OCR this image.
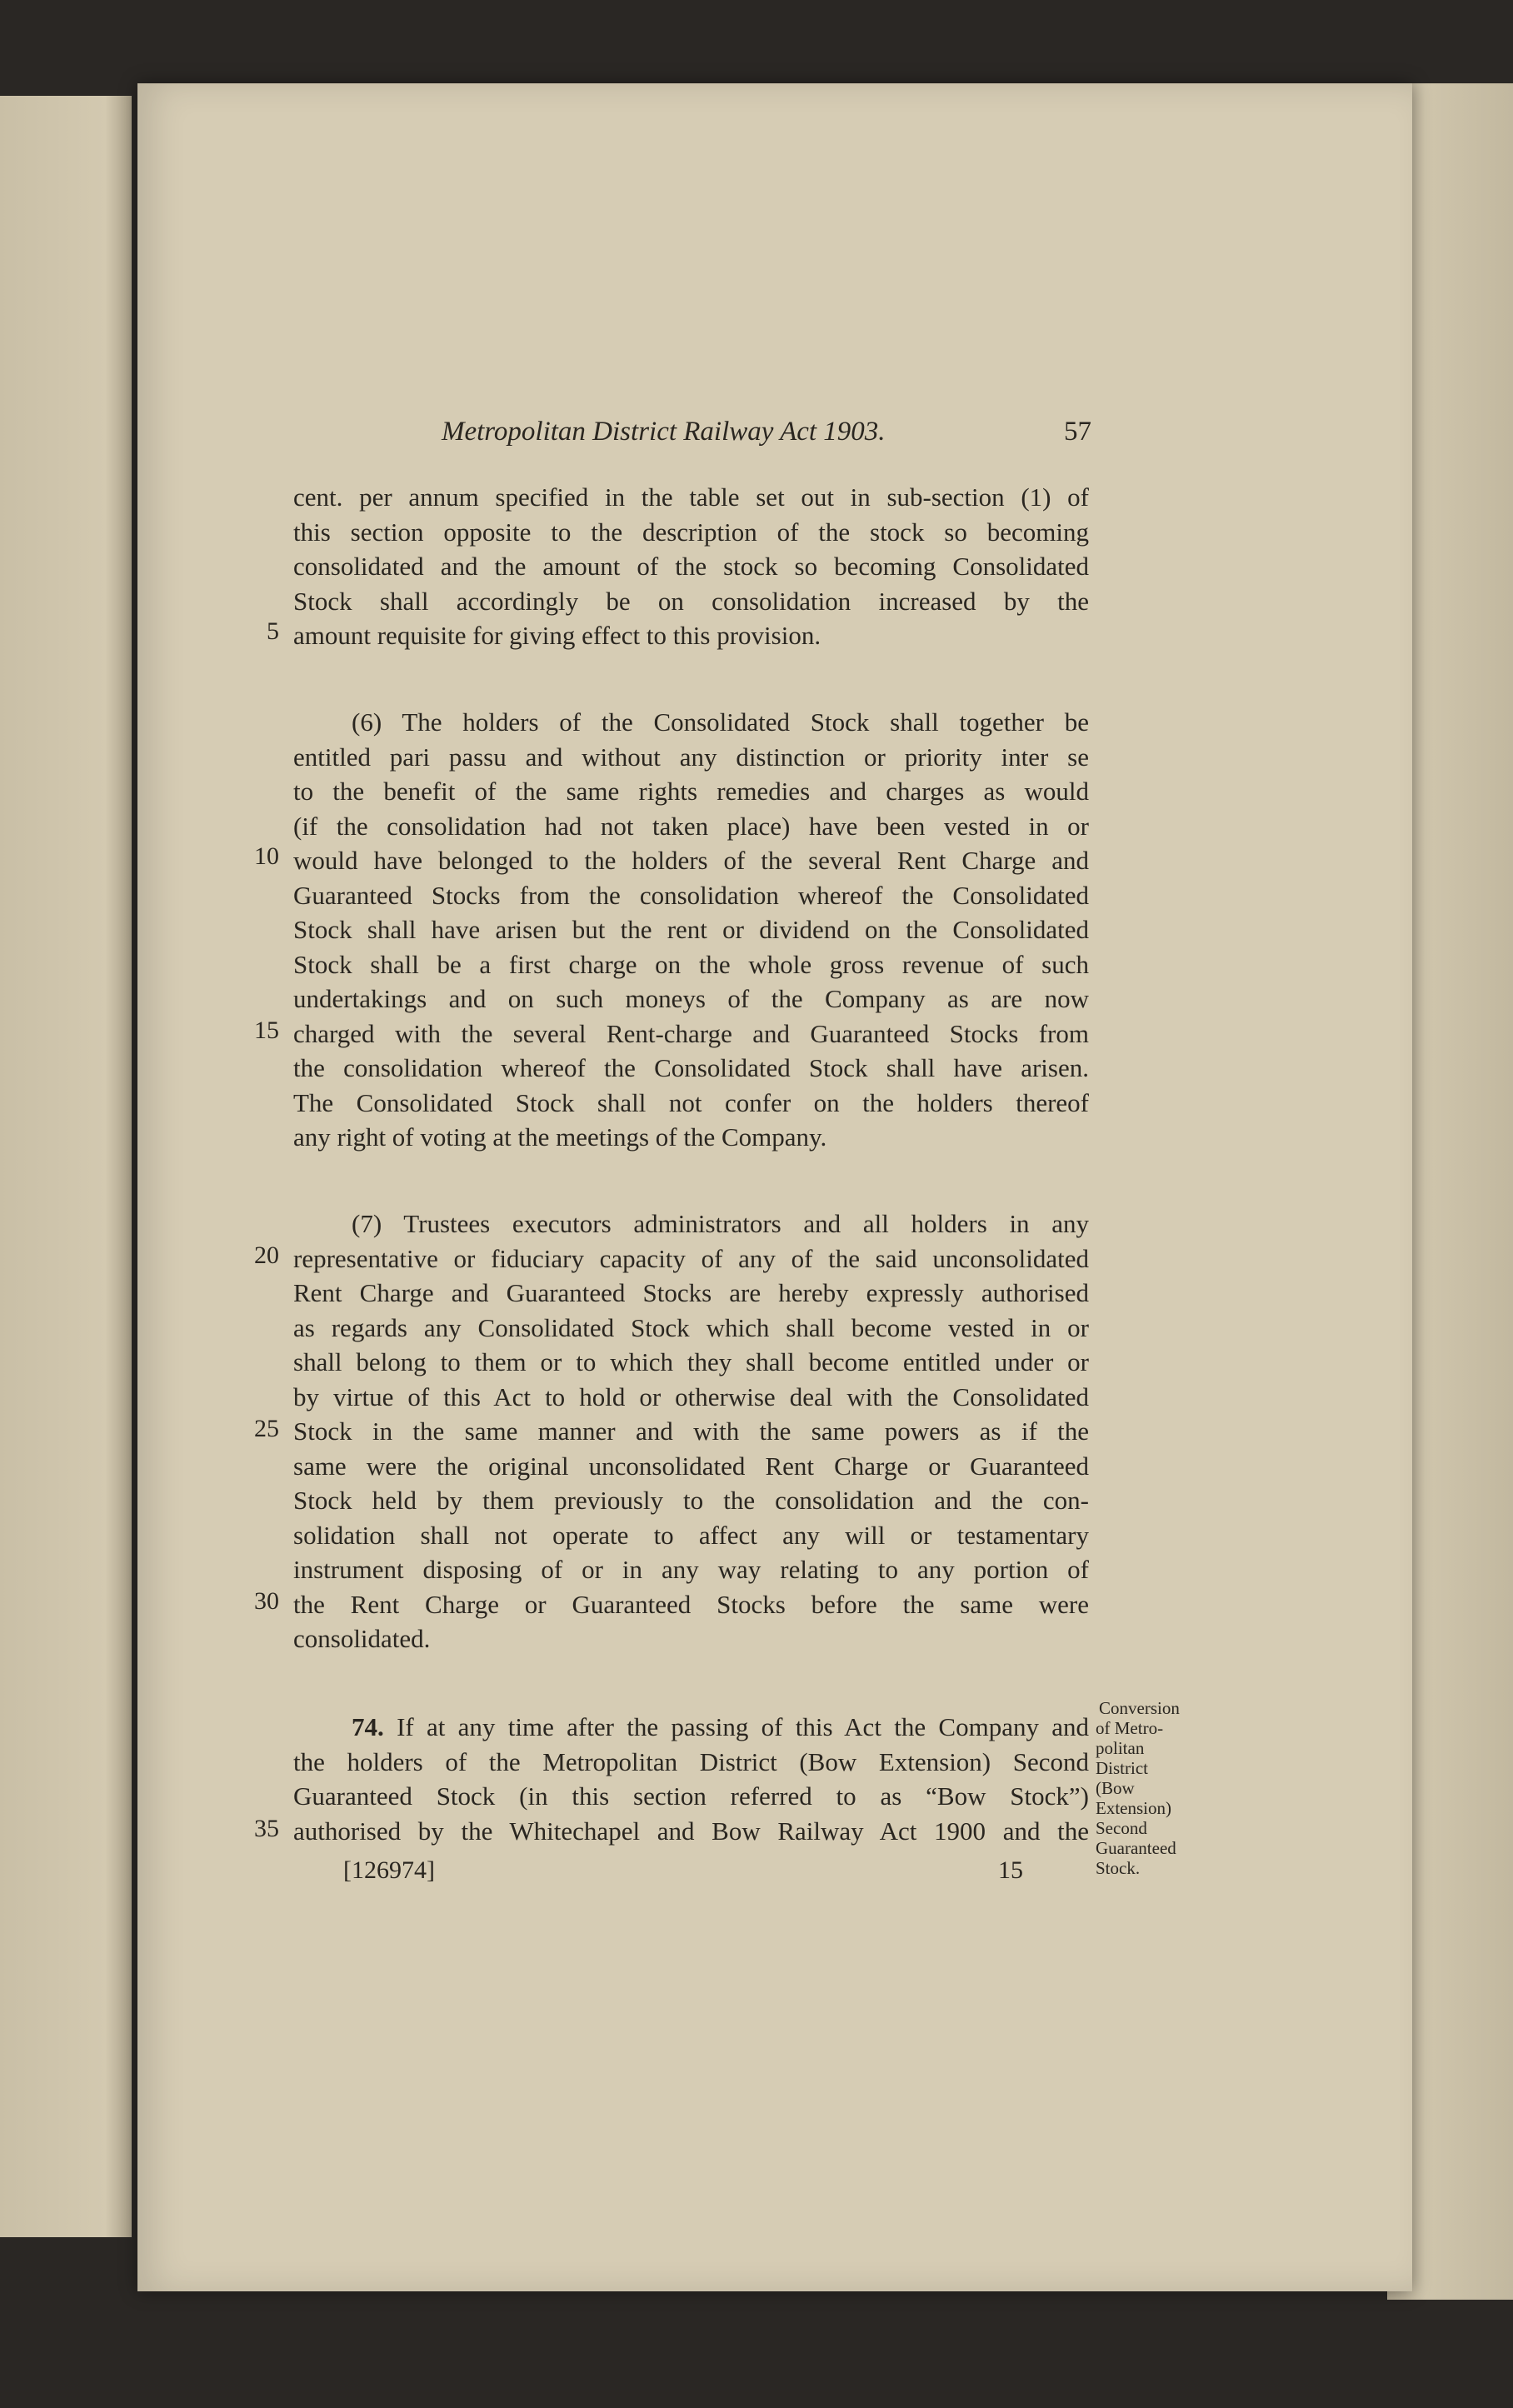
Metropolitan District Railway Act 1903.	57
cent. per annum specified in the table set out in sub-section (1) of
this section opposite to the description of the stock so becoming
consolidated and the amount of the stock so becoming Consolidated
Stock shall accordingly be on consolidation increased by the
amount requisite for giving effect to this provision.
(6) The holders of the Consolidated Stock shall together be
entitled pari passu and without any distinction or priority inter se
to the benefit of the same rights remedies and charges as would
(if the consolidation had not taken place) have been vested in or
would have belonged to the holders of the several Rent Charge and
Guaranteed Stocks from the consolidation whereof the Consolidated
Stock shall have arisen but the rent or dividend on the Consolidated
Stock shall be a first charge on the whole gross revenue of such
undertakings and on such moneys of the Company as are now
charged with the several Rent-charge and Guaranteed Stocks from
the consolidation whereof the Consolidated Stock shall have arisen.
The Consolidated Stock shall not confer on the holders thereof
any right of voting at the meetings of the Company.
(7) Trustees executors administrators and all holders in any
representative or fiduciary capacity of any of the said unconsolidated
Rent Charge and Guaranteed Stocks are hereby expressly authorised
as regards any Consolidated Stock which shall become vested in or
shall belong to them or to which they shall become entitled under or
by virtue of this Act to hold or otherwise deal with the Consolidated
Stock in the same manner and with the same powers as if the
same were the original unconsolidated Rent Charge or Guaranteed
Stock held by them previously to the consolidation and the con-
solidation shall not operate to affect any will or testamentary
instrument disposing of or in any way relating to any portion of
the Rent Charge or Guaranteed Stocks before the same were
consolidated.
74. If at any time after the passing of this Act the Company and
the holders of the Metropolitan District (Bow Extension) Second
Guaranteed Stock (in this section referred to as “Bow Stock”)
authorised by the Whitechapel and Bow Railway Act 1900 and the
5
10
15
20
25
30
35
Conversion
of Metro-
politan
District
(Bow
Extension)
Second
Guaranteed
Stock.
[126974]	15
